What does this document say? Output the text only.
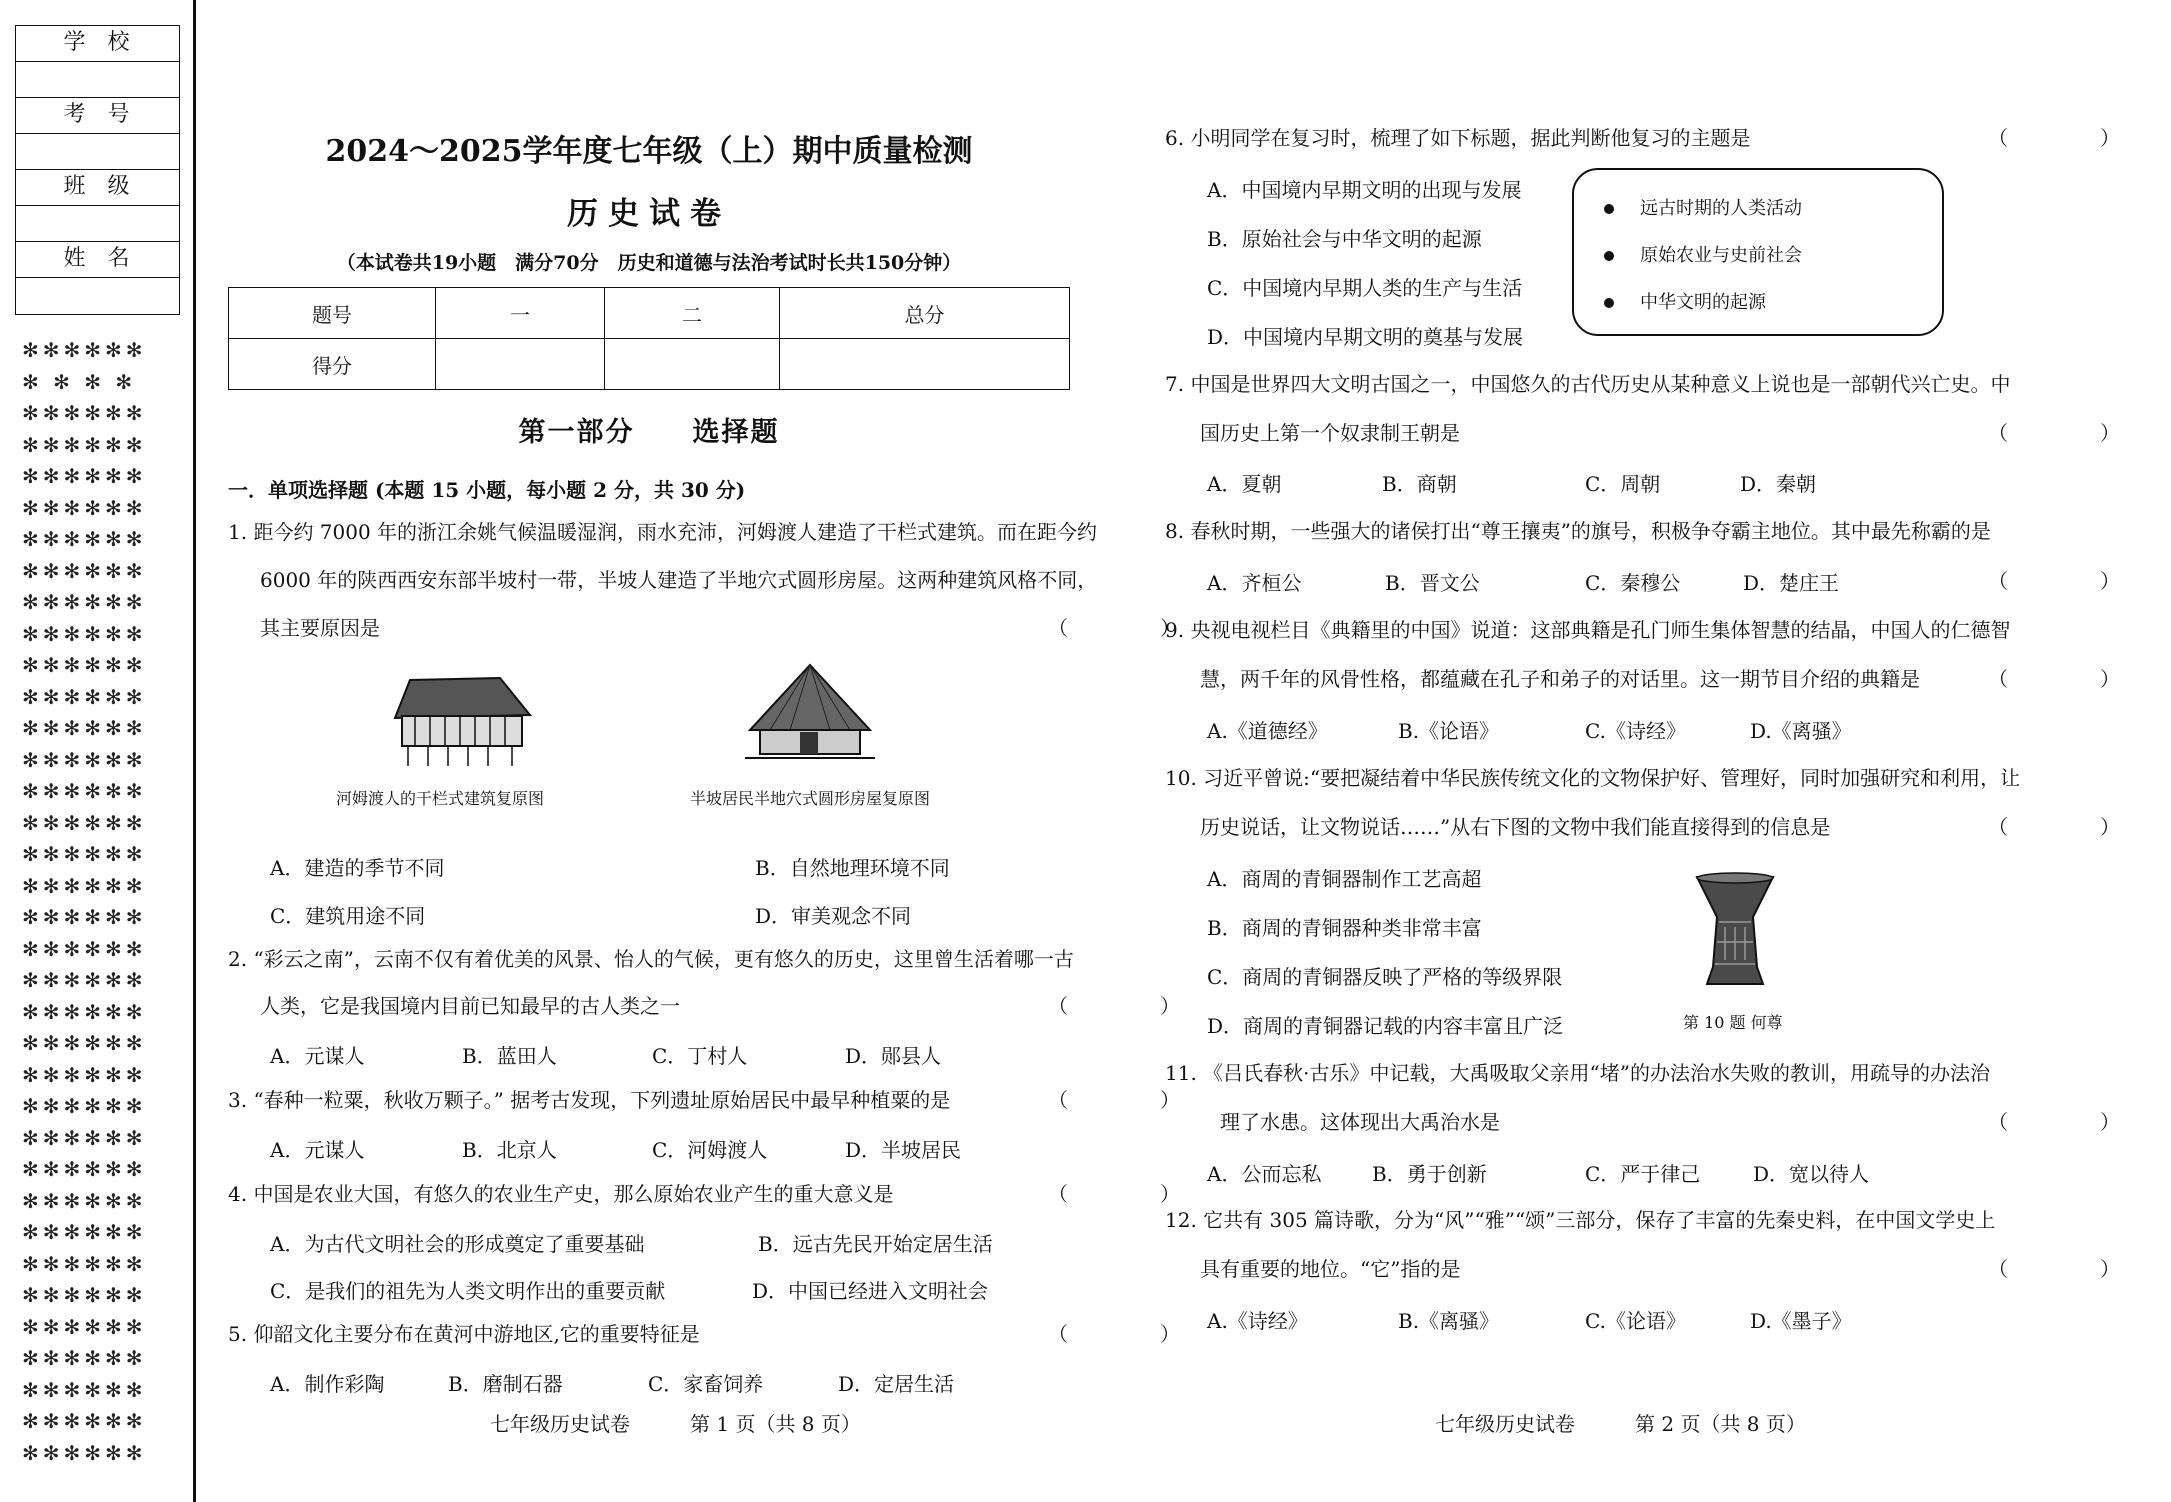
学校
考号
班级
姓名
✻✻✻✻✻✻
✻ ✻ ✻ ✻
✻✻✻✻✻✻
✻✻✻✻✻✻
✻✻✻✻✻✻
✻✻✻✻✻✻
✻✻✻✻✻✻
✻✻✻✻✻✻
✻✻✻✻✻✻
✻✻✻✻✻✻
✻✻✻✻✻✻
✻✻✻✻✻✻
✻✻✻✻✻✻
✻✻✻✻✻✻
✻✻✻✻✻✻
✻✻✻✻✻✻
✻✻✻✻✻✻
✻✻✻✻✻✻
✻✻✻✻✻✻
✻✻✻✻✻✻
✻✻✻✻✻✻
✻✻✻✻✻✻
✻✻✻✻✻✻
✻✻✻✻✻✻
✻✻✻✻✻✻
✻✻✻✻✻✻
✻✻✻✻✻✻
✻✻✻✻✻✻
✻✻✻✻✻✻
✻✻✻✻✻✻
✻✻✻✻✻✻
✻✻✻✻✻✻
✻✻✻✻✻✻
✻✻✻✻✻✻
✻✻✻✻✻✻
✻✻✻✻✻✻
2024～2025学年度七年级（上）期中质量检测
历史试卷
（本试卷共19小题　满分70分　历史和道德与法治考试时长共150分钟）
题号	一	二	总分
得分			
第一部分　　选择题
一．单项选择题 (本题 15 小题，每小题 2 分，共 30 分)
1. 距今约 7000 年的浙江余姚气候温暖湿润，雨水充沛，河姆渡人建造了干栏式建筑。而在距今约
6000 年的陕西西安东部半坡村一带，半坡人建造了半地穴式圆形房屋。这两种建筑风格不同，
其主要原因是	（　）
河姆渡人的干栏式建筑复原图	半坡居民半地穴式圆形房屋复原图
A．建造的季节不同	B．自然地理环境不同
C．建筑用途不同	D．审美观念不同
2. “彩云之南”，云南不仅有着优美的风景、怡人的气候，更有悠久的历史，这里曾生活着哪一古
人类，它是我国境内目前已知最早的古人类之一	（　）
A．元谋人	B．蓝田人	C．丁村人	D．郧县人
3. “春种一粒粟，秋收万颗子。” 据考古发现，下列遗址原始居民中最早种植粟的是	（　）
A．元谋人	B．北京人	C．河姆渡人	D．半坡居民
4. 中国是农业大国，有悠久的农业生产史，那么原始农业产生的重大意义是	（　）
A．为古代文明社会的形成奠定了重要基础	B．远古先民开始定居生活
C．是我们的祖先为人类文明作出的重要贡献	D．中国已经进入文明社会
5. 仰韶文化主要分布在黄河中游地区,它的重要特征是	（　）
A．制作彩陶	B．磨制石器	C．家畜饲养	D．定居生活
七年级历史试卷　　　第 1 页（共 8 页）
6. 小明同学在复习时，梳理了如下标题，据此判断他复习的主题是	（　）
A．中国境内早期文明的出现与发展
B．原始社会与中华文明的起源
C．中国境内早期人类的生产与生活
D．中国境内早期文明的奠基与发展
远古时期的人类活动
原始农业与史前社会
中华文明的起源
7. 中国是世界四大文明古国之一，中国悠久的古代历史从某种意义上说也是一部朝代兴亡史。中
国历史上第一个奴隶制王朝是	（　）
A．夏朝	B．商朝	C．周朝	D．秦朝
8. 春秋时期，一些强大的诸侯打出“尊王攘夷”的旗号，积极争夺霸主地位。其中最先称霸的是
A．齐桓公	B．晋文公	C．秦穆公	D．楚庄王	（　）
9. 央视电视栏目《典籍里的中国》说道：这部典籍是孔门师生集体智慧的结晶，中国人的仁德智
慧，两千年的风骨性格，都蕴藏在孔子和弟子的对话里。这一期节目介绍的典籍是	（　）
A.《道德经》	B.《论语》	C.《诗经》	D.《离骚》
10. 习近平曾说:“要把凝结着中华民族传统文化的文物保护好、管理好，同时加强研究和利用，让
历史说话，让文物说话……”从右下图的文物中我们能直接得到的信息是	（　）
A．商周的青铜器制作工艺高超
B．商周的青铜器种类非常丰富
C．商周的青铜器反映了严格的等级界限
D．商周的青铜器记载的内容丰富且广泛	第 10 题 何尊
11. 《吕氏春秋·古乐》中记载，大禹吸取父亲用“堵”的办法治水失败的教训，用疏导的办法治
理了水患。这体现出大禹治水是	（　）
A．公而忘私	B．勇于创新	C．严于律己	D．宽以待人
12. 它共有 305 篇诗歌，分为“风”“雅”“颂”三部分，保存了丰富的先秦史料，在中国文学史上
具有重要的地位。“它”指的是	（　）
A.《诗经》	B.《离骚》	C.《论语》	D.《墨子》
七年级历史试卷　　　第 2 页（共 8 页）
